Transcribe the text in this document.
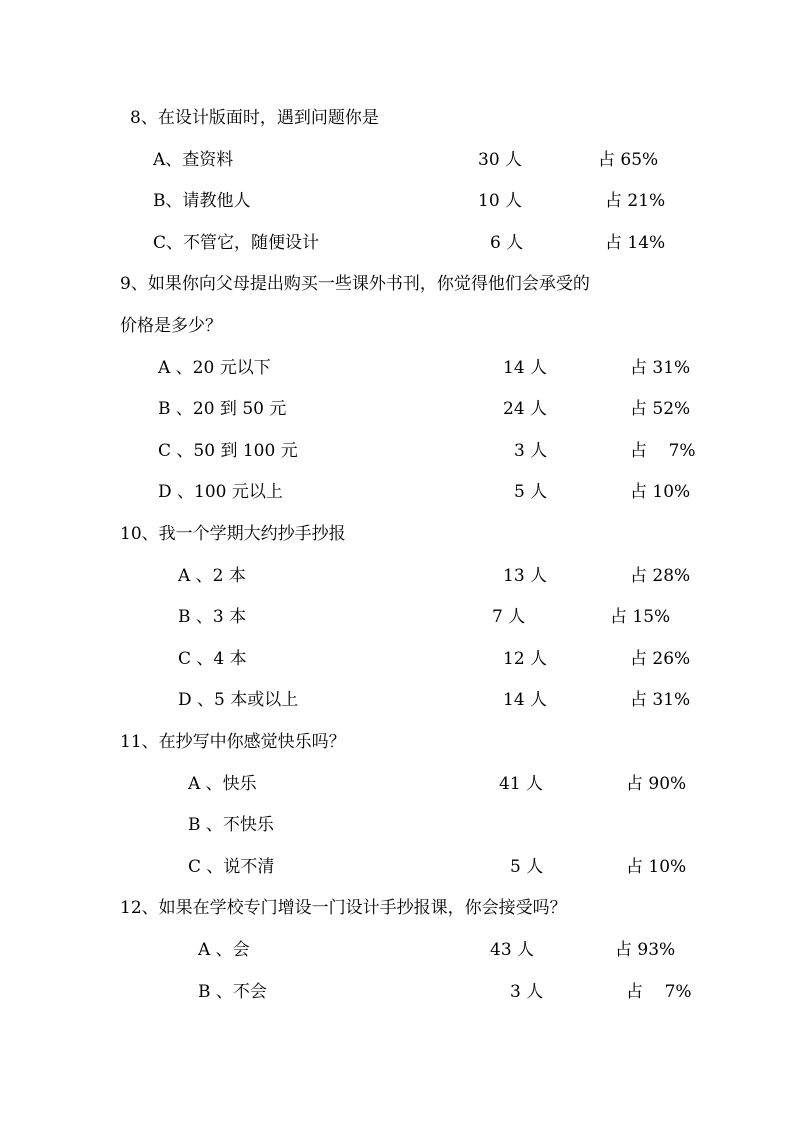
8、在设计版面时，遇到问题你是
A、查资料	30 人	占 65%
B、请教他人	10 人	占 21%
C、不管它，随便设计	6 人	占 14%
9、如果你向父母提出购买一些课外书刊，你觉得他们会承受的
价格是多少？
A 、20 元以下	14 人	占 31%
B 、20 到 50 元	24 人	占 52%
C 、50 到 100 元	3 人	占    7%
D 、100 元以上	5 人	占 10%
10、我一个学期大约抄手抄报
A 、2 本	13 人	占 28%
B 、3 本	7 人	占 15%
C 、4 本	12 人	占 26%
D 、5 本或以上	14 人	占 31%
11、在抄写中你感觉快乐吗？
A 、快乐	41 人	占 90%
B 、不快乐
C 、说不清	5 人	占 10%
12、如果在学校专门增设一门设计手抄报课，你会接受吗？
A 、会	43 人	占 93%
B 、不会	3 人	占    7%
